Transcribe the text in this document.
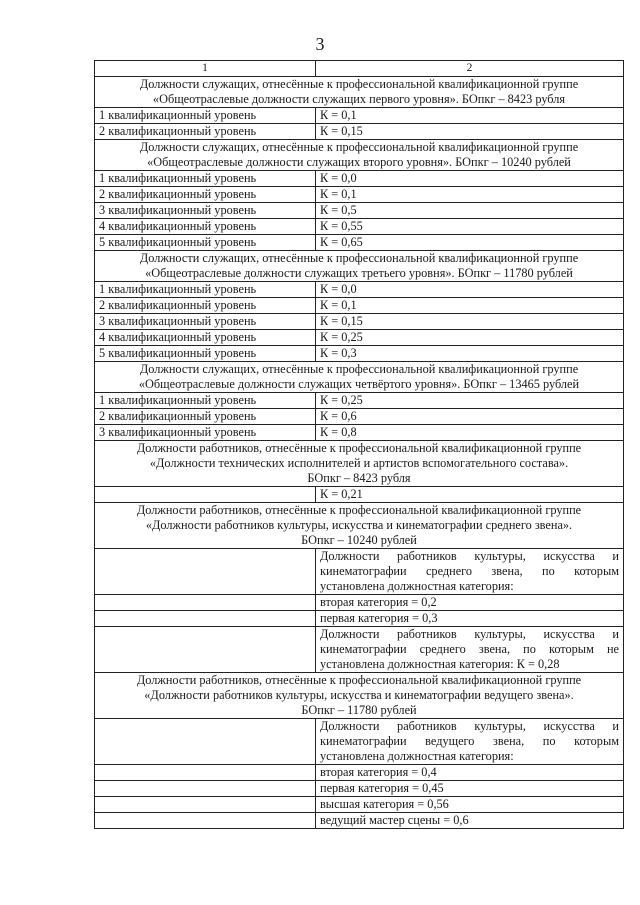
3
1	2
Должности служащих, отнесённые к профессиональной квалификационной группе «Общеотраслевые должности служащих первого уровня». БОпкг – 8423 рубля	
1 квалификационный уровень	К = 0,1
2 квалификационный уровень	К = 0,15
Должности служащих, отнесённые к профессиональной квалификационной группе «Общеотраслевые должности служащих второго уровня». БОпкг – 10240 рублей	
1 квалификационный уровень	К = 0,0
2 квалификационный уровень	К = 0,1
3 квалификационный уровень	К = 0,5
4 квалификационный уровень	К = 0,55
5 квалификационный уровень	К = 0,65
Должности служащих, отнесённые к профессиональной квалификационной группе «Общеотраслевые должности служащих третьего уровня». БОпкг – 11780 рублей	
1 квалификационный уровень	К = 0,0
2 квалификационный уровень	К = 0,1
3 квалификационный уровень	К = 0,15
4 квалификационный уровень	К = 0,25
5 квалификационный уровень	К = 0,3
Должности служащих, отнесённые к профессиональной квалификационной группе «Общеотраслевые должности служащих четвёртого уровня». БОпкг – 13465 рублей	
1 квалификационный уровень	К = 0,25
2 квалификационный уровень	К = 0,6
3 квалификационный уровень	К = 0,8

Должности работников, отнесённые к профессиональной квалификационной группе
«Должности технических исполнителей и артистов вспомогательного состава».
БОпкг – 8423 рубля	

	К = 0,21

Должности работников, отнесённые к профессиональной квалификационной группе
«Должности работников культуры, искусства и кинематографии среднего звена».
БОпкг – 10240 рублей	

	Должности работников культуры, искусства и кинематографии среднего звена, по которым установлена должностная категория:
	вторая категория = 0,2
	первая категория = 0,3
	Должности работников культуры, искусства и кинематографии среднего звена, по которым не установлена должностная категория: К = 0,28

Должности работников, отнесённые к профессиональной квалификационной группе
«Должности работников культуры, искусства и кинематографии ведущего звена».
БОпкг – 11780 рублей	

	Должности работников культуры, искусства и кинематографии ведущего звена, по которым установлена должностная категория:
	вторая категория = 0,4
	первая категория = 0,45
	высшая категория = 0,56
	ведущий мастер сцены = 0,6
